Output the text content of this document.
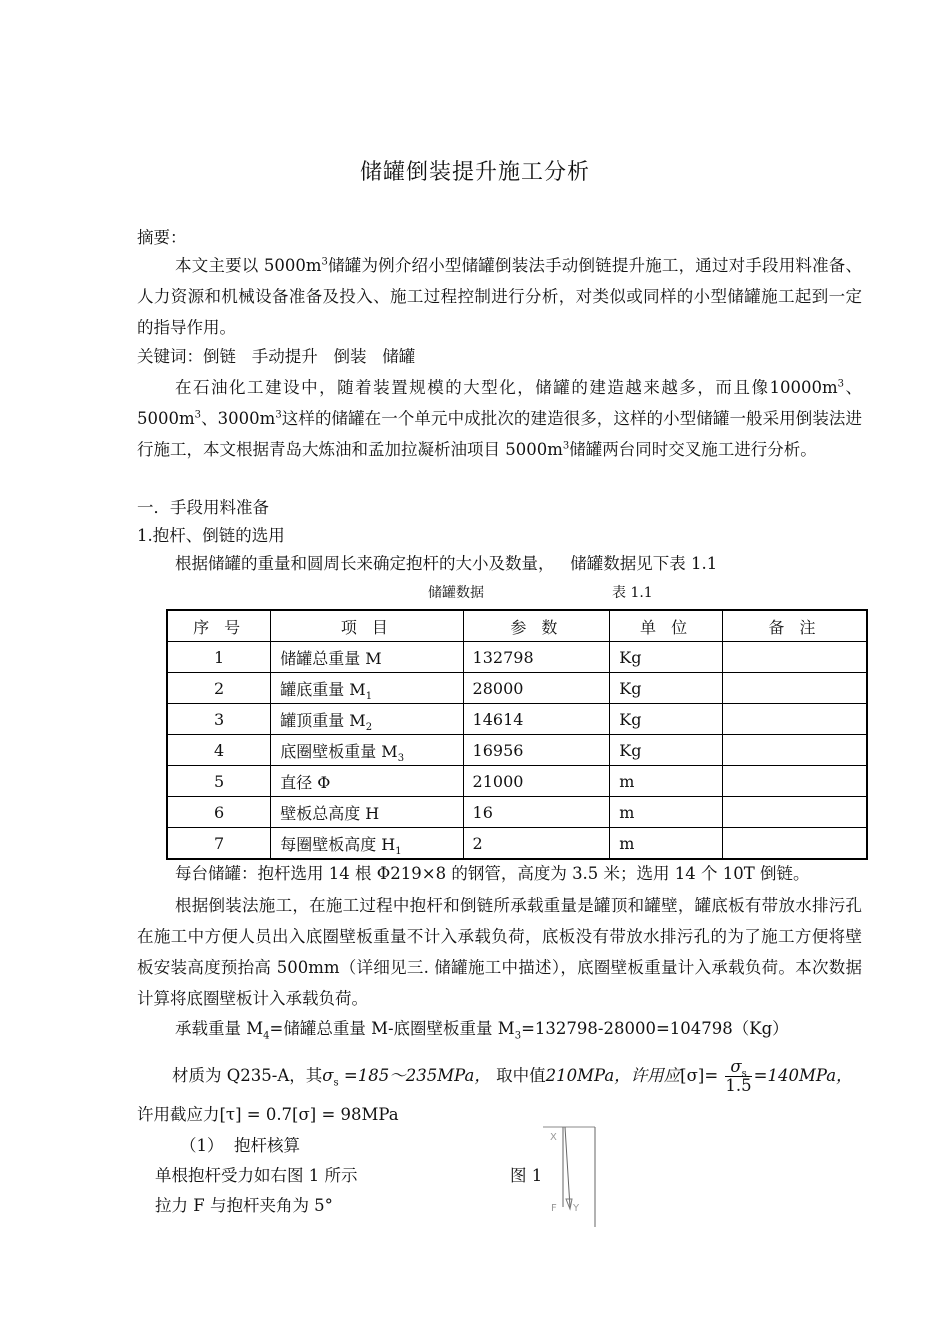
储罐倒装提升施工分析
摘要：
本文主要以 $5000m^3$储罐为例介绍小型储罐倒装法手动倒链提升施工，通过对手段用料准备、人力资源和机械设备准备及投入、施工过程控制进行分析，对类似或同样的小型储罐施工起到一定的指导作用。
关键词：倒链   手动提升   倒装   储罐
在石油化工建设中，随着装置规模的大型化，储罐的建造越来越多，而且像$10000m^3$、$5000m^3$、$3000m^3$这样的储罐在一个单元中成批次的建造很多，这样的小型储罐一般采用倒装法进行施工，本文根据青岛大炼油和孟加拉凝析油项目 $5000m^3$储罐两台同时交叉施工进行分析。
一．手段用料准备
1.抱杆、倒链的选用
根据储罐的重量和圆周长来确定抱杆的大小及数量，   储罐数据见下表 1.1
储罐数据	表 1.1
序 号	项 目	参 数	单 位	备 注
1	储罐总重量 M	132798	Kg	
2	罐底重量 $M_1$	28000	Kg	
3	罐顶重量 $M_2$	14614	Kg	
4	底圈壁板重量 $M_3$	16956	Kg	
5	直径 Φ	21000	m	
6	壁板总高度 H	16	m	
7	每圈壁板高度 $H_1$	2	m	
每台储罐：抱杆选用 14 根 Φ219×8 的钢管，高度为 3.5 米；选用 14 个 10T 倒链。
根据倒装法施工，在施工过程中抱杆和倒链所承载重量是罐顶和罐壁，罐底板有带放水排污孔在施工中方便人员出入底圈壁板重量不计入承载负荷，底板没有带放水排污孔的为了施工方便将壁板安装高度预抬高 500mm（详细见三. 储罐施工中描述），底圈壁板重量计入承载负荷。本次数据计算将底圈壁板计入承载负荷。
承载重量 $M_4=$储罐总重量 M-底圈壁板重量 $M_3=132798-28000=104798(Kg)$
材质为 Q235-A，其$\sigma_s$ =185～235MPa， 取中值210MPa，许用应$[\sigma]= \frac{\sigma_s}{1.5} =140MPa$，
许用截应力[τ] = 0.7[σ] = 98MPa
（1）  抱杆核算
单根抱杆受力如右图 1 所示	图 1
拉力 F 与抱杆夹角为 5°
X
F Y
